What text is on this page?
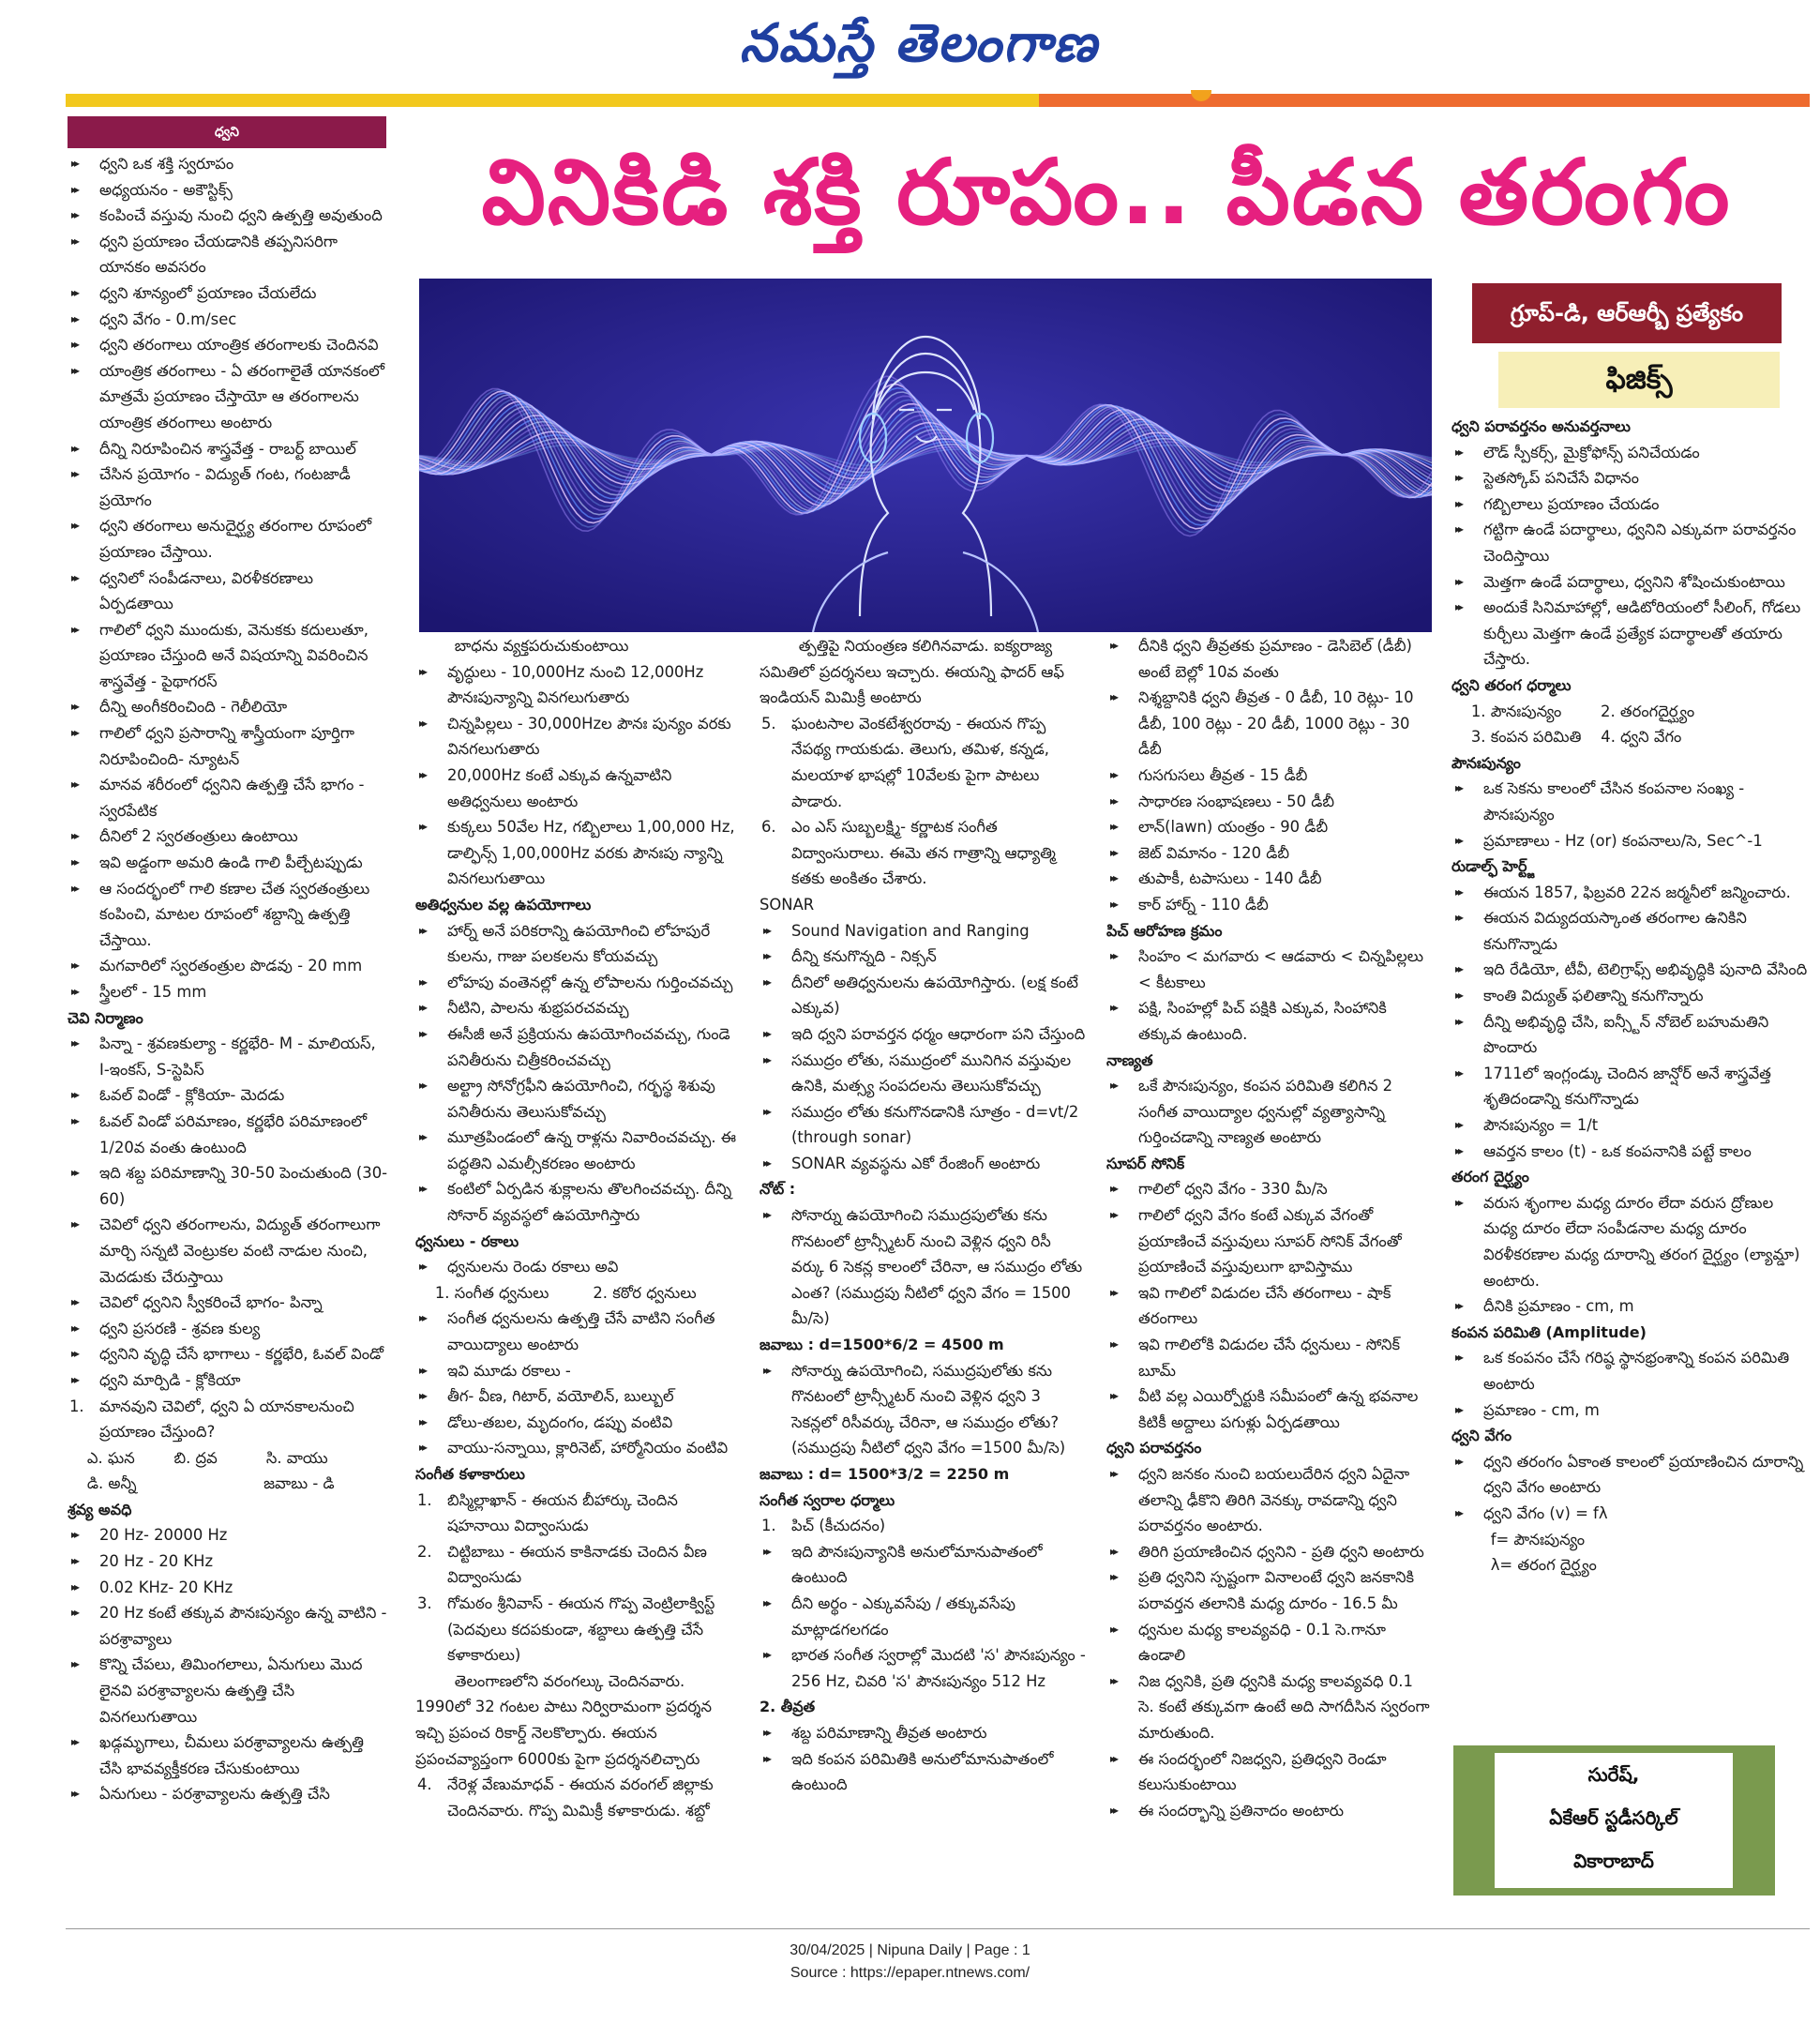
నమస్తే తెలంగాణ
ధ్వని
వినికిడి శక్తి రూపం.. పీడన తరంగం
గ్రూప్-డి, ఆర్ఆర్బీ ప్రత్యేకం
ఫిజిక్స్
▸▸ ధ్వని ఒక శక్తి స్వరూపం
▸▸ అధ్యయనం - అకౌస్టిక్స్
▸▸ కంపించే వస్తువు నుంచి ధ్వని ఉత్పత్తి అవుతుంది
▸▸ ధ్వని ప్రయాణం చేయడానికి తప్పనిసరిగా యానకం అవసరం
▸▸ ధ్వని శూన్యంలో ప్రయాణం చేయలేదు
▸▸ ధ్వని వేగం - 0.m/sec
▸▸ ధ్వని తరంగాలు యాంత్రిక తరంగాలకు చెందినవి
▸▸ యాంత్రిక తరంగాలు - ఏ తరంగాలైతే యానకంలో మాత్రమే ప్రయాణం చేస్తాయో ఆ తరంగాలను యాంత్రిక తరంగాలు అంటారు
▸▸ దీన్ని నిరూపించిన శాస్త్రవేత్త - రాబర్ట్ బాయిల్
▸▸ చేసిన ప్రయోగం - విద్యుత్ గంట, గంటజాడీ ప్రయోగం
▸▸ ధ్వని తరంగాలు అనుదైర్ఘ్య తరంగాల రూపంలో ప్రయాణం చేస్తాయి.
▸▸ ధ్వనిలో సంపీడనాలు, విరళీకరణాలు ఏర్పడతాయి
▸▸ గాలిలో ధ్వని ముందుకు, వెనుకకు కదులుతూ, ప్రయాణం చేస్తుంది అనే విషయాన్ని వివరించిన శాస్త్రవేత్త - పైథాగరస్
▸▸ దీన్ని అంగీకరించింది - గెలీలియో
▸▸ గాలిలో ధ్వని ప్రసారాన్ని శాస్త్రీయంగా పూర్తిగా నిరూపించింది- న్యూటన్
▸▸ మానవ శరీరంలో ధ్వనిని ఉత్పత్తి చేసే భాగం - స్వరపేటిక
▸▸ దీనిలో 2 స్వరతంత్రులు ఉంటాయి
▸▸ ఇవి అడ్డంగా అమరి ఉండి గాలి పీల్చేటప్పుడు
▸▸ ఆ సందర్భంలో గాలి కణాల చేత స్వరతంత్రులు కంపించి, మాటల రూపంలో శబ్దాన్ని ఉత్పత్తి చేస్తాయి.
▸▸ మగవారిలో స్వరతంత్రుల పొడవు - 20 mm
▸▸ స్త్రీలలో - 15 mm
చెవి నిర్మాణం
▸▸ పిన్నా - శ్రవణకుల్యా - కర్ణభేరి- M - మాలియస్, I-ఇంకస్, S-స్టెపిస్
▸▸ ఓవల్ విండో - క్లోకియా- మెదడు
▸▸ ఓవల్ విండో పరిమాణం, కర్ణభేరి పరిమాణంలో 1/20వ వంతు ఉంటుంది
▸▸ ఇది శబ్ద పరిమాణాన్ని 30-50 పెంచుతుంది (30-60)
▸▸ చెవిలో ధ్వని తరంగాలను, విద్యుత్ తరంగాలుగా మార్చి సన్నటి వెంట్రుకల వంటి నాడుల నుంచి, మెదడుకు చేరుస్తాయి
▸▸ చెవిలో ధ్వనిని స్వీకరించే భాగం- పిన్నా
▸▸ ధ్వని ప్రసరణి - శ్రవణ కుల్య
▸▸ ధ్వనిని వృద్ధి చేసే భాగాలు - కర్ణభేరి, ఓవల్ విండో
▸▸ ధ్వని మార్పిడి - క్లోకియా
1. మానవుని చెవిలో, ధ్వని ఏ యానకాలనుంచి ప్రయాణం చేస్తుంది?
ఎ. ఘన        బి. ద్రవ          సి. వాయు
డి. అన్నీ                          జవాబు - డి
శ్రవ్య అవధి
▸▸ 20 Hz- 20000 Hz
▸▸ 20 Hz - 20 KHz
▸▸ 0.02 KHz- 20 KHz
▸▸ 20 Hz కంటే తక్కువ పౌనఃపున్యం ఉన్న వాటిని - పరశ్రావ్యాలు
▸▸ కొన్ని చేపలు, తిమింగలాలు, ఏనుగులు మొద లైనవి పరశ్రావ్యాలను ఉత్పత్తి చేసి వినగలుగుతాయి
▸▸ ఖడ్గమృగాలు, చీమలు పరశ్రావ్యాలను ఉత్పత్తి చేసి భావవ్యక్తీకరణ చేసుకుంటాయి
▸▸ ఏనుగులు - పరశ్రావ్యాలను ఉత్పత్తి చేసి
బాధను వ్యక్తపరుచుకుంటాయి
▸▸ వృద్ధులు - 10,000Hz నుంచి 12,000Hz పౌనఃపున్యాన్ని వినగలుగుతారు
▸▸ చిన్నపిల్లలు - 30,000Hzల పౌనః పున్యం వరకు వినగలుగుతారు
▸▸ 20,000Hz కంటే ఎక్కువ ఉన్నవాటిని అతిధ్వనులు అంటారు
▸▸ కుక్కలు 50వేల Hz, గబ్బిలాలు 1,00,000 Hz, డాల్ఫిన్స్ 1,00,000Hz వరకు పౌనఃపు న్యాన్ని వినగలుగుతాయి
అతిధ్వనుల వల్ల ఉపయోగాలు
▸▸ హార్న్ అనే పరికరాన్ని ఉపయోగించి లోహపురే కులను, గాజు పలకలను కోయవచ్చు
▸▸ లోహపు వంతెనల్లో ఉన్న లోపాలను గుర్తించవచ్చు
▸▸ నీటిని, పాలను శుభ్రపరచవచ్చు
▸▸ ఈసీజీ అనే ప్రక్రియను ఉపయోగించవచ్చు, గుండె పనితీరును చిత్రీకరించవచ్చు
▸▸ అల్ట్రా సోనోగ్రఫీని ఉపయోగించి, గర్భస్థ శిశువు పనితీరును తెలుసుకోవచ్చు
▸▸ మూత్రపిండంలో ఉన్న రాళ్లను నివారించవచ్చు. ఈ పద్ధతిని ఎమల్సీకరణం అంటారు
▸▸ కంటిలో ఏర్పడిన శుక్లాలను తొలగించవచ్చు. దీన్ని సోనార్ వ్యవస్థలో ఉపయోగిస్తారు
ధ్వనులు - రకాలు
▸▸ ధ్వనులను రెండు రకాలు అవి
1. సంగీత ధ్వనులు         2. కఠోర ధ్వనులు
▸▸ సంగీత ధ్వనులను ఉత్పత్తి చేసే వాటిని సంగీత వాయిద్యాలు అంటారు
▸▸ ఇవి మూడు రకాలు -
▸▸ తీగ- వీణ, గిటార్, వయోలిన్, బుల్బుల్
▸▸ డోలు-తబల, మృదంగం, డప్పు వంటివి
▸▸ వాయు-సన్నాయి, క్లారినెట్, హార్మోనియం వంటివి
సంగీత కళాకారులు
1. బిస్మిల్లాఖాన్ - ఈయన బీహార్కు చెందిన షహనాయి విద్వాంసుడు
2. చిట్టిబాబు - ఈయన కాకినాడకు చెందిన వీణ విద్వాంసుడు
3. గోమఠం శ్రీనివాస్ - ఈయన గొప్ప వెంట్రిలాక్విస్ట్ (పెదవులు కదపకుండా, శబ్దాలు ఉత్పత్తి చేసే కళాకారులు)
తెలంగాణలోని వరంగల్కు చెందినవారు. 1990లో 32 గంటల పాటు నిర్విరామంగా ప్రదర్శన ఇచ్చి ప్రపంచ రికార్డ్ నెలకొల్పారు. ఈయన ప్రపంచవ్యాప్తంగా 6000కు పైగా ప్రదర్శనలిచ్చారు
4. నేరెళ్ల వేణుమాధవ్ - ఈయన వరంగల్ జిల్లాకు చెందినవారు. గొప్ప మిమిక్రీ కళాకారుడు. శబ్దో
త్పత్తిపై నియంత్రణ కలిగినవాడు. ఐక్యరాజ్య సమితిలో ప్రదర్శనలు ఇచ్చారు. ఈయన్ని ఫాదర్ ఆఫ్ ఇండియన్ మిమిక్రీ అంటారు
5. ఘంటసాల వెంకటేశ్వరరావు - ఈయన గొప్ప నేపథ్య గాయకుడు. తెలుగు, తమిళ, కన్నడ, మలయాళ భాషల్లో 10వేలకు పైగా పాటలు పాడారు.
6. ఎం ఎస్ సుబ్బలక్ష్మి- కర్ణాటక సంగీత విద్వాంసురాలు. ఈమె తన గాత్రాన్ని ఆధ్యాత్మి కతకు అంకితం చేశారు.
SONAR
▸▸ Sound Navigation and Ranging
▸▸ దీన్ని కనుగొన్నది - నిక్సన్
▸▸ దీనిలో అతిధ్వనులను ఉపయోగిస్తారు. (లక్ష కంటే ఎక్కువ)
▸▸ ఇది ధ్వని పరావర్తన ధర్మం ఆధారంగా పని చేస్తుంది
▸▸ సముద్రం లోతు, సముద్రంలో మునిగిన వస్తువుల ఉనికి, మత్స్య సంపదలను తెలుసుకోవచ్చు
▸▸ సముద్రం లోతు కనుగొనడానికి సూత్రం - d=vt/2 (through sonar)
▸▸ SONAR వ్యవస్థను ఎకో రేంజింగ్ అంటారు
నోట్ :
▸▸ సోనార్ను ఉపయోగించి సముద్రపులోతు కను గొనటంలో ట్రాన్స్మీటర్ నుంచి వెళ్లిన ధ్వని రిసీ వర్కు 6 సెకన్ల కాలంలో చేరినా, ఆ సముద్రం లోతు ఎంత? (సముద్రపు నీటిలో ధ్వని వేగం = 1500 మీ/సె)
జవాబు : d=1500*6/2 = 4500 m
▸▸ సోనార్ను ఉపయోగించి, సముద్రపులోతు కను గొనటంలో ట్రాన్స్మీటర్ నుంచి వెళ్లిన ధ్వని 3 సెకన్లలో రిసీవర్కు చేరినా, ఆ సముద్రం లోతు? (సముద్రపు నీటిలో ధ్వని వేగం =1500 మీ/సె)
జవాబు : d= 1500*3/2 = 2250 m
సంగీత స్వరాల ధర్మాలు
1. పిచ్ (కీచుదనం)
▸▸ ఇది పౌనఃపున్యానికి అనులోమానుపాతంలో ఉంటుంది
▸▸ దీని అర్థం - ఎక్కువసేపు / తక్కువసేపు మాట్లాడగలగడం
▸▸ భారత సంగీత స్వరాల్లో మొదటి 'స' పౌనఃపున్యం - 256 Hz, చివరి 'స' పౌనఃపున్యం 512 Hz
2. తీవ్రత
▸▸ శబ్ద పరిమాణాన్ని తీవ్రత అంటారు
▸▸ ఇది కంపన పరిమితికి అనులోమానుపాతంలో ఉంటుంది
▸▸ దీనికి ధ్వని తీవ్రతకు ప్రమాణం - డెసిబెల్ (డీబీ) అంటే బెల్లో 10వ వంతు
▸▸ నిశ్శబ్దానికి ధ్వని తీవ్రత - 0 డీబీ, 10 రెట్లు- 10 డీబీ, 100 రెట్లు - 20 డీబీ, 1000 రెట్లు - 30 డీబీ
▸▸ గుసగుసలు తీవ్రత - 15 డీబీ
▸▸ సాధారణ సంభాషణలు - 50 డీబీ
▸▸ లాన్(lawn) యంత్రం - 90 డీబీ
▸▸ జెట్ విమానం - 120 డీబీ
▸▸ తుపాకీ, టపాసులు - 140 డీబీ
▸▸ కార్ హార్న్ - 110 డీబీ
పిచ్ ఆరోహణ క్రమం
▸▸ సింహం < మగవారు < ఆడవారు < చిన్నపిల్లలు < కీటకాలు
▸▸ పక్షి, సింహల్లో పిచ్ పక్షికి ఎక్కువ, సింహానికి తక్కువ ఉంటుంది.
నాణ్యత
▸▸ ఒకే పౌనఃపున్యం, కంపన పరిమితి కలిగిన 2 సంగీత వాయిద్యాల ధ్వనుల్లో వ్యత్యాసాన్ని గుర్తించడాన్ని నాణ్యత అంటారు
సూపర్ సోనిక్
▸▸ గాలిలో ధ్వని వేగం - 330 మీ/సె
▸▸ గాలిలో ధ్వని వేగం కంటే ఎక్కువ వేగంతో ప్రయాణించే వస్తువులు సూపర్ సోనిక్ వేగంతో ప్రయాణించే వస్తువులుగా భావిస్తాము
▸▸ ఇవి గాలిలో విడుదల చేసే తరంగాలు - షాక్ తరంగాలు
▸▸ ఇవి గాలిలోకి విడుదల చేసే ధ్వనులు - సోనిక్ బూమ్
▸▸ వీటి వల్ల ఎయిర్పోర్టుకి సమీపంలో ఉన్న భవనాల కిటికీ అద్దాలు పగుళ్లు ఏర్పడతాయి
ధ్వని పరావర్తనం
▸▸ ధ్వని జనకం నుంచి బయలుదేరిన ధ్వని ఏదైనా తలాన్ని ఢీకొని తిరిగి వెనక్కు రావడాన్ని ధ్వని పరావర్తనం అంటారు.
▸▸ తిరిగి ప్రయాణించిన ధ్వనిని - ప్రతి ధ్వని అంటారు
▸▸ ప్రతి ధ్వనిని స్పష్టంగా వినాలంటే ధ్వని జనకానికి పరావర్తన తలానికి మధ్య దూరం - 16.5 మీ
▸▸ ధ్వనుల మధ్య కాలవ్యవధి - 0.1 సె.గానూ ఉండాలి
▸▸ నిజ ధ్వనికి, ప్రతి ధ్వనికి మధ్య కాలవ్యవధి 0.1 సె. కంటే తక్కువగా ఉంటే అది సాగదీసిన స్వరంగా మారుతుంది.
▸▸ ఈ సందర్భంలో నిజధ్వని, ప్రతిధ్వని రెండూ కలుసుకుంటాయి
▸▸ ఈ సందర్భాన్ని ప్రతినాదం అంటారు
ధ్వని పరావర్తనం అనువర్తనాలు
▸▸ లౌడ్ స్పీకర్స్, మైక్రోఫోన్స్ పనిచేయడం
▸▸ స్టెతస్కోప్ పనిచేసే విధానం
▸▸ గబ్బిలాలు ప్రయాణం చేయడం
▸▸ గట్టిగా ఉండే పదార్థాలు, ధ్వనిని ఎక్కువగా పరావర్తనం చెందిస్తాయి
▸▸ మెత్తగా ఉండే పదార్థాలు, ధ్వనిని శోషించుకుంటాయి
▸▸ అందుకే సినిమాహాల్లో, ఆడిటోరియంలో సీలింగ్, గోడలు కుర్చీలు మెత్తగా ఉండే ప్రత్యేక పదార్థాలతో తయారు చేస్తారు.
ధ్వని తరంగ ధర్మాలు
1. పౌనఃపున్యం        2. తరంగదైర్ఘ్యం
3. కంపన పరిమితి    4. ధ్వని వేగం
పౌనఃపున్యం
▸▸ ఒక సెకను కాలంలో చేసిన కంపనాల సంఖ్య - పౌనఃపున్యం
▸▸ ప్రమాణాలు - Hz (or) కంపనాలు/సె, Sec^-1
రుడాల్ఫ్ హెర్ట్జ్
▸▸ ఈయన 1857, ఫిబ్రవరి 22న జర్మనీలో జన్మించారు.
▸▸ ఈయన విద్యుదయస్కాంత తరంగాల ఉనికిని కనుగొన్నాడు
▸▸ ఇది రేడియో, టీవీ, టెలిగ్రాఫ్స్ అభివృద్ధికి పునాది వేసింది
▸▸ కాంతి విద్యుత్ ఫలితాన్ని కనుగొన్నారు
▸▸ దీన్ని అభివృద్ధి చేసి, ఐన్స్టీన్ నోబెల్ బహుమతిని పొందారు
▸▸ 1711లో ఇంగ్లండ్కు చెందిన జాన్షోర్ అనే శాస్త్రవేత్త శృతిదండాన్ని కనుగొన్నాడు
▸▸ పౌనఃపున్యం = 1/t
▸▸ ఆవర్తన కాలం (t) - ఒక కంపనానికి పట్టే కాలం
తరంగ దైర్ఘ్యం
▸▸ వరుస శృంగాల మధ్య దూరం లేదా వరుస ద్రోణుల మధ్య దూరం లేదా సంపీడనాల మధ్య దూరం విరళీకరణాల మధ్య దూరాన్ని తరంగ దైర్ఘ్యం (ల్యామ్డా) అంటారు.
▸▸ దీనికి ప్రమాణం - cm, m
కంపన పరిమితి (Amplitude)
▸▸ ఒక కంపనం చేసే గరిష్ఠ స్థానభ్రంశాన్ని కంపన పరిమితి అంటారు
▸▸ ప్రమాణం - cm, m
ధ్వని వేగం
▸▸ ధ్వని తరంగం ఏకాంత కాలంలో ప్రయాణించిన దూరాన్ని ధ్వని వేగం అంటారు
▸▸ ధ్వని వేగం (v) = fλ
f= పౌనఃపున్యం
λ= తరంగ దైర్ఘ్యం
సురేష్,
ఏకేఆర్ స్టడీసర్కిల్
వికారాబాద్
30/04/2025 | Nipuna Daily | Page : 1
Source : https://epaper.ntnews.com/
